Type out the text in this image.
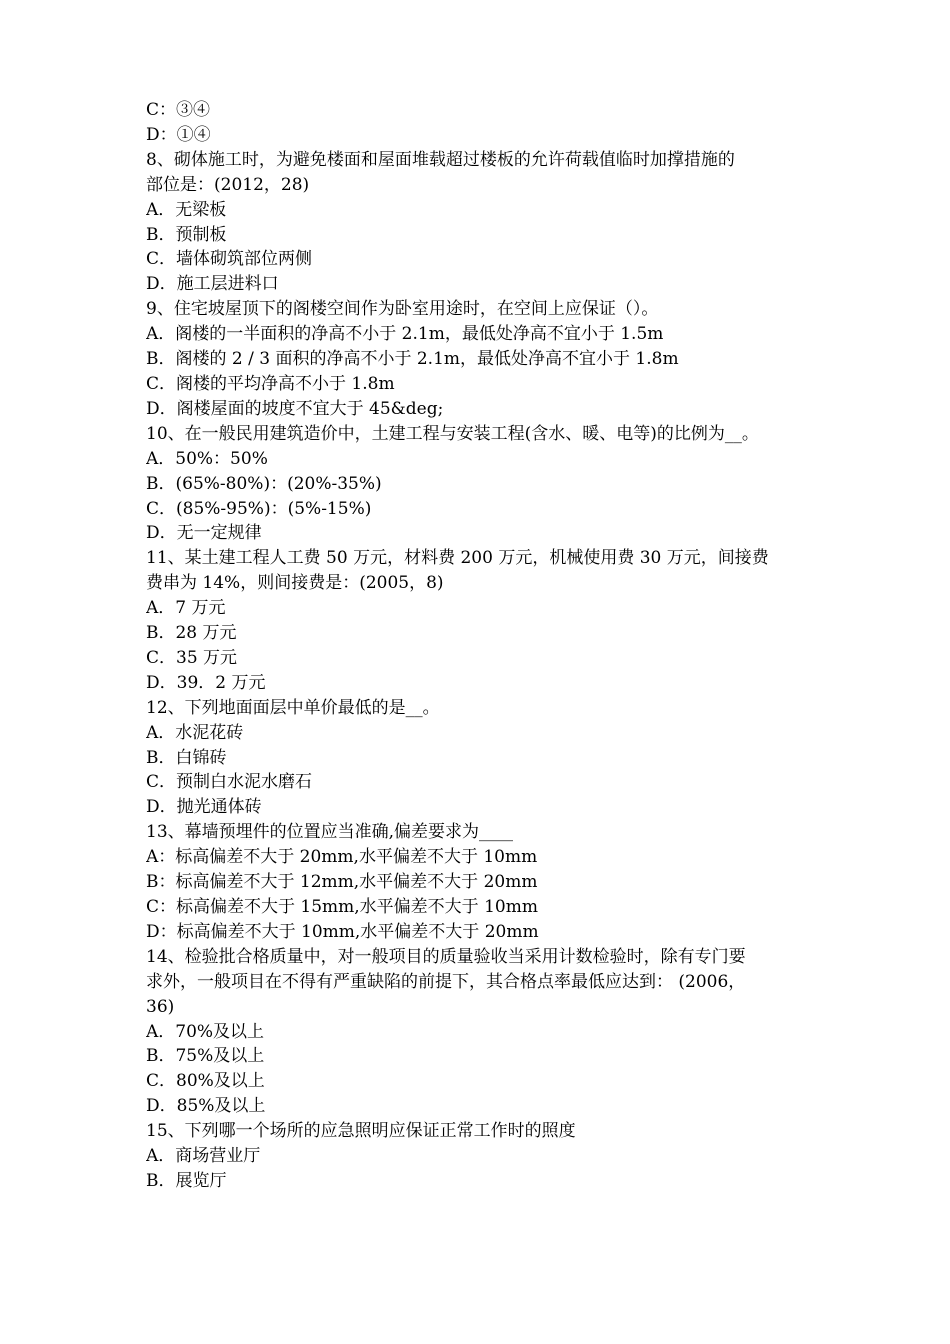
C：③④

D：①④

8、砌体施工时，为避免楼面和屋面堆载超过楼板的允许荷载值临时加撑措施的

部位是：(2012，28)

A．无梁板

B．预制板

C．墙体砌筑部位两侧

D．施工层进料口

9、住宅坡屋顶下的阁楼空间作为卧室用途时，在空间上应保证（）。

A．阁楼的一半面积的净高不小于 2.1m，最低处净高不宜小于 1.5m

B．阁楼的 2 / 3 面积的净高不小于 2.1m，最低处净高不宜小于 1.8m

C．阁楼的平均净高不小于 1.8m

D．阁楼屋面的坡度不宜大于 45&deg;

10、在一般民用建筑造价中，土建工程与安装工程(含水、暖、电等)的比例为__。

A．50%：50%

B．(65%-80%)：(20%-35%)

C．(85%-95%)：(5%-15%)

D．无一定规律

11、某土建工程人工费 50 万元，材料费 200 万元，机械使用费 30 万元，间接费

费串为 14%，则间接费是：(2005，8)

A．7 万元

B．28 万元

C．35 万元

D．39．2 万元

12、下列地面面层中单价最低的是__。

A．水泥花砖

B．白锦砖

C．预制白水泥水磨石

D．抛光通体砖

13、幕墙预埋件的位置应当准确,偏差要求为____

A：标高偏差不大于 20mm,水平偏差不大于 10mm

B：标高偏差不大于 12mm,水平偏差不大于 20mm

C：标高偏差不大于 15mm,水平偏差不大于 10mm

D：标高偏差不大于 10mm,水平偏差不大于 20mm

14、检验批合格质量中，对一般项目的质量验收当采用计数检验时，除有专门要

求外，一般项目在不得有严重缺陷的前提下，其合格点率最低应达到： (2006，

36)

A．70%及以上

B．75%及以上

C．80%及以上

D．85%及以上

15、下列哪一个场所的应急照明应保证正常工作时的照度

A．商场营业厅

B．展览厅
